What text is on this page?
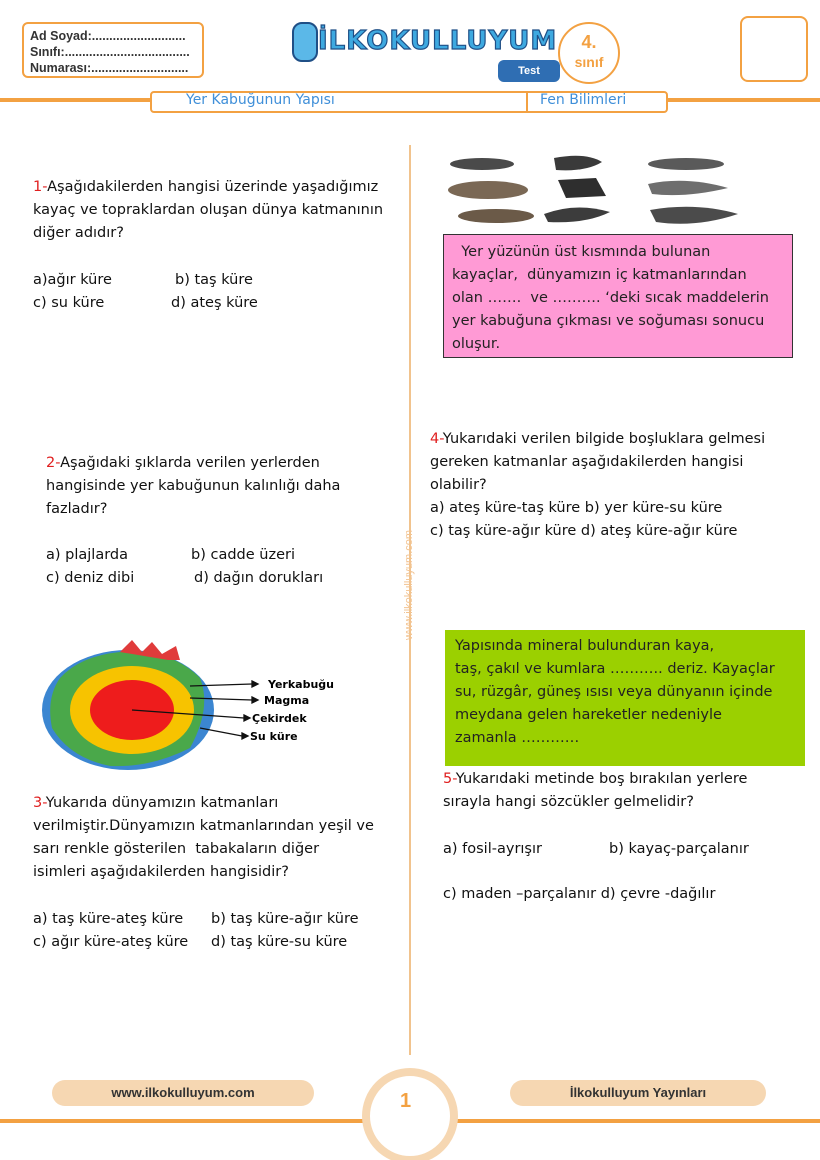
Ad Soyad:...........................
Sınıfı:....................................
Numarası:............................
İLKOKULLUYUM
Test
4.
sınıf
Yer Kabuğunun Yapısı	Fen Bilimleri
www.ilkokulluyum.com

1-Aşağıdakilerden hangisi üzerinde yaşadığımız

kayaç ve topraklardan oluşan dünya katmanının

diğer adıdır?

a)ağır küre	b) taş küre

c) su küre	d) ateş küre

2-Aşağıdaki şıklarda verilen yerlerden

hangisinde yer kabuğunun kalınlığı daha

fazladır?

a) plajlarda	b) cadde üzeri

c) deniz dibi	d) dağın dorukları

Yerkabuğu
Magma
Çekirdek
Su küre

3-Yukarıda dünyamızın katmanları

verilmiştir.Dünyamızın katmanlarından yeşil ve

sarı renkle gösterilen  tabakaların diğer

isimleri aşağıdakilerden hangisidir?

a) taş küre-ateş küre b) taş küre-ağır küre

c) ağır küre-ateş küre d) taş küre-su küre

Yer yüzünün üst kısmında bulunan

kayaçlar,  dünyamızın iç katmanlarından

olan …….  ve ………. ‘deki sıcak maddelerin

yer kabuğuna çıkması ve soğuması sonucu

oluşur.

4-Yukarıdaki verilen bilgide boşluklara gelmesi

gereken katmanlar aşağıdakilerden hangisi

olabilir?

a) ateş küre-taş küre b) yer küre-su küre

c) taş küre-ağır küre d) ateş küre-ağır küre

Yapısında mineral bulunduran kaya,

taş, çakıl ve kumlara ……….. deriz. Kayaçlar

su, rüzgâr, güneş ısısı veya dünyanın içinde

meydana gelen hareketler nedeniyle

zamanla …………

5-Yukarıdaki metinde boş bırakılan yerlere

sırayla hangi sözcükler gelmelidir?

a) fosil-ayrışır	b) kayaç-parçalanır

c) maden –parçalanır d) çevre -dağılır

www.ilkokulluyum.com	İlkokulluyum Yayınları
1
